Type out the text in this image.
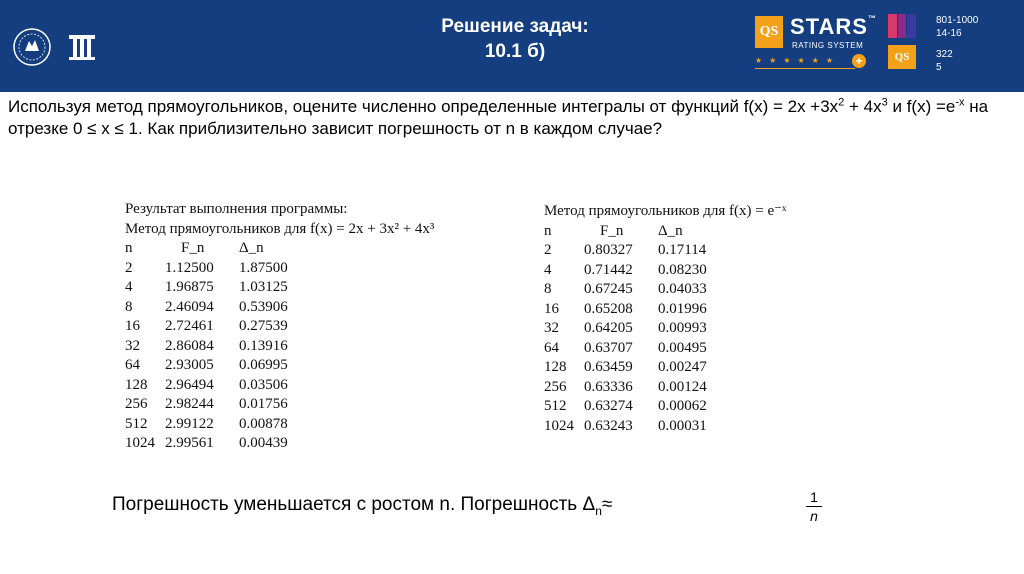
Решение задач:
10.1 б)
QS STARS™
RATING SYSTEM
★★★★★★	+	QS
801-1000
14-16
322
5
Используя метод прямоугольников, оцените численно определенные интегралы от функций $f(x) = 2x +3x^2 + 4x^3$ и $f(x) =e^{-x}$ на отрезке 0 ≤ x ≤ 1. Как приблизительно зависит погрешность от n в каждом случае?
Результат выполнения программы:
Метод прямоугольников для f(x) = 2x + 3x² + 4x³
n	F_n	Δ_n
2	1.12500	1.87500
4	1.96875	1.03125
8	2.46094	0.53906
16	2.72461	0.27539
32	2.86084	0.13916
64	2.93005	0.06995
128	2.96494	0.03506
256	2.98244	0.01756
512	2.99122	0.00878
1024 2.99561	0.00439
Метод прямоугольников для f(x) = e⁻ˣ
n	F_n	Δ_n
2	0.80327	0.17114
4	0.71442	0.08230
8	0.67245	0.04033
16	0.65208	0.01996
32	0.64205	0.00993
64	0.63707	0.00495
128	0.63459	0.00247
256	0.63336	0.00124
512	0.63274	0.00062
1024 0.63243	0.00031
Погрешность уменьшается с ростом n. Погрешность $\Delta_n\approx$	1
n
